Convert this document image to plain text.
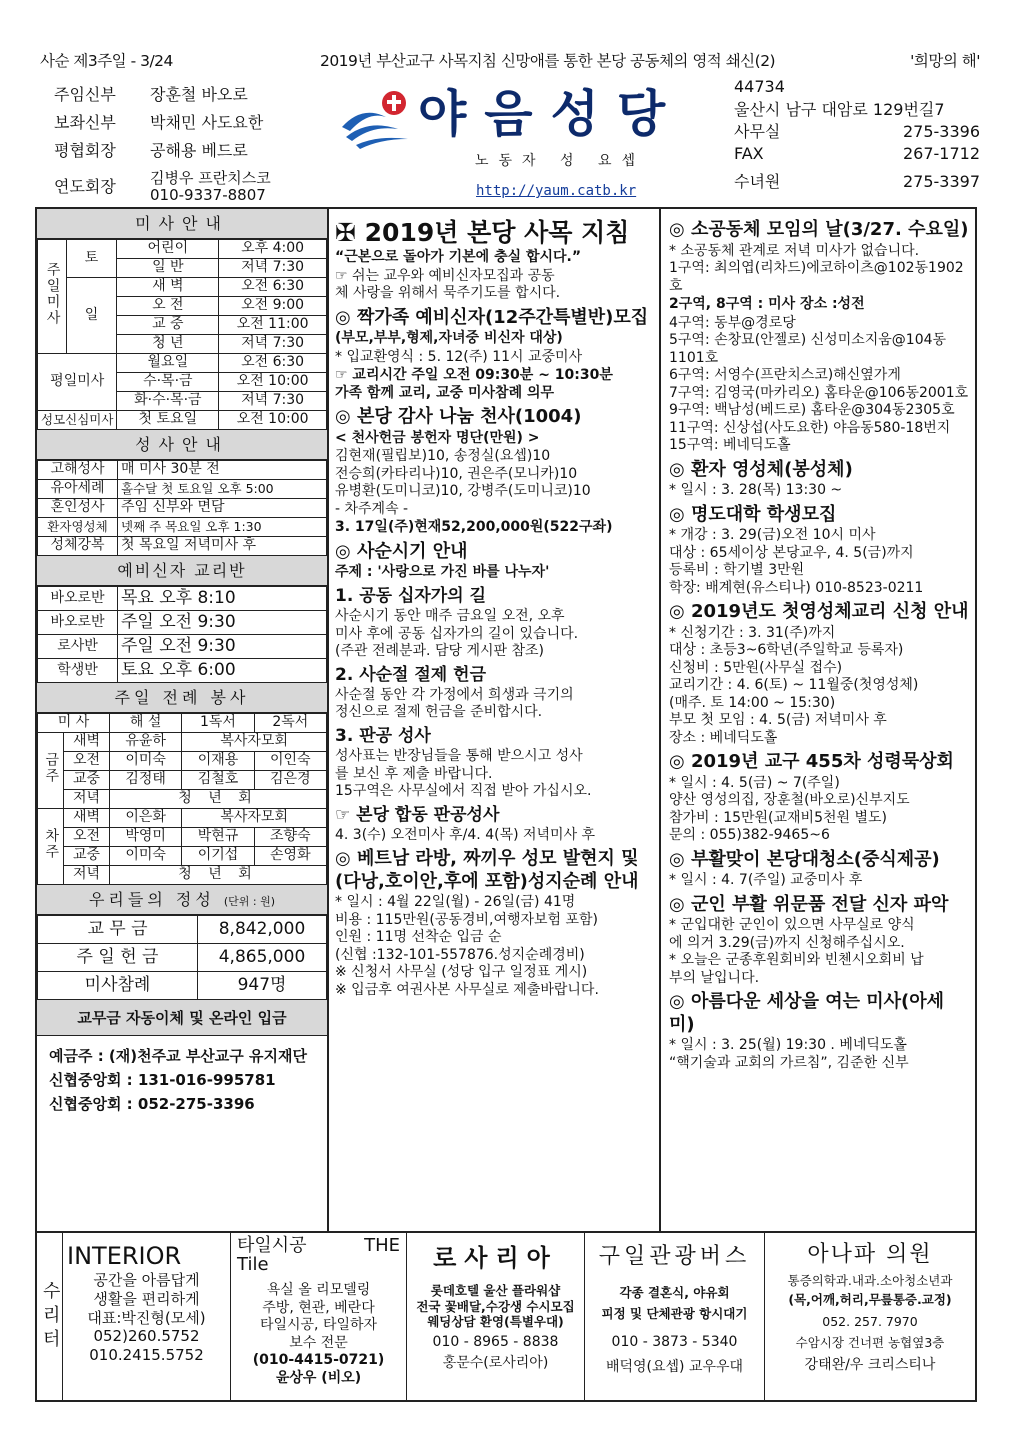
사순 제3주일 - 3/24	2019년 부산교구 사목지침 신망애를 통한 본당 공동체의 영적 쇄신(2)	'희망의 해'
주임신부	장훈철 바오로
보좌신부	박채민 사도요한
평협회장	공해용 베드로
연도회장	김병우 프란치스코
010-9337-8807
야음성당
노동자 성 요셉
http://yaum.catb.kr
44734
울산시 남구 대암로 129번길7
사무실	275-3396
FAX	267-1712
수녀원	275-3397
미사안내
주일미사	토	어린이	오후 4:00
		일 반	저녁 7:30
	일	새 벽	오전 6:30
		오 전	오전 9:00
		교 중	오전 11:00
		청 년	저녁 7:30
평일미사		월요일	오전 6:30
		수·목·금	오전 10:00
		화·수·목·금	저녁 7:30
성모신심미사		첫 토요일	오전 10:00
성사안내
고해성사	매 미사 30분 전
유아세례	홀수달 첫 토요일 오후 5:00
혼인성사	주임 신부와 면담
환자영성체	넷째 주 목요일 오후 1:30
성체강복	첫 목요일 저녁미사 후
예비신자 교리반
바오로반	목요 오후 8:10
바오로반	주일 오전 9:30
로사반	주일 오전 9:30
학생반	토요 오후 6:00
주일 전례 봉사
미 사		해 설	1독서	2독서
금주	새벽	유윤하	복사자모회	
	오전	이미숙	이재용	이인숙
	교중	김정태	김철호	김은경
	저녁	청 년 회		
차주	새벽	이은화	복사자모회	
	오전	박영미	박현규	조향숙
	교중	이미숙	이기섭	손영화
	저녁	청 년 회		
우리들의 정성 (단위 : 원)
교 무 금	8,842,000
주 일 헌 금	4,865,000
미사참례	947명
교무금 자동이체 및 온라인 입금
예금주 : (재)천주교 부산교구 유지재단
신협중앙회 : 131-016-995781
신협중앙회 : 052-275-3396
✠ 2019년 본당 사목 지침
“근본으로 돌아가 기본에 충실 합시다.”
☞ 쉬는 교우와 예비신자모집과 공동
체 사랑을 위해서 묵주기도를 합시다.
◎ 짝가족 예비신자(12주간특별반)모집
(부모,부부,형제,자녀중 비신자 대상)
* 입교환영식 : 5. 12(주) 11시 교중미사
☞ 교리시간 주일 오전 09:30분 ~ 10:30분
가족 함께 교리, 교중 미사참례 의무
◎ 본당 감사 나눔 천사(1004)
< 천사헌금 봉헌자 명단(만원) >
김현재(필립보)10, 송정실(요셉)10
전승희(카타리나)10, 권은주(모니카)10
유병환(도미니코)10, 강병주(도미니코)10
- 차주계속 -
3. 17일(주)현재52,200,000원(522구좌)
◎ 사순시기 안내
주제 : '사랑으로 가진 바를 나누자'
1. 공동 십자가의 길
사순시기 동안 매주 금요일 오전, 오후
미사 후에 공동 십자가의 길이 있습니다.
(주관 전례분과. 담당 게시판 참조)
2. 사순절 절제 헌금
사순절 동안 각 가정에서 희생과 극기의
정신으로 절제 헌금을 준비합시다.
3. 판공 성사
성사표는 반장님들을 통해 받으시고 성사
를 보신 후 제출 바랍니다.
15구역은 사무실에서 직접 받아 가십시오.
☞ 본당 합동 판공성사
4. 3(수) 오전미사 후/4. 4(목) 저녁미사 후
◎ 베트남 라방, 짜끼우 성모 발현지 및
(다낭,호이안,후에 포함)성지순례 안내
* 일시 : 4월 22일(월) - 26일(금) 41명
비용 : 115만원(공동경비,여행자보험 포함)
인원 : 11명 선착순 입금 순
(신협 :132-101-557876.성지순례경비)
※ 신청서 사무실 (성당 입구 일정표 게시)
※ 입금후 여권사본 사무실로 제출바랍니다.
◎ 소공동체 모임의 날(3/27. 수요일)
* 소공동체 관계로 저녁 미사가 없습니다.
1구역: 최의엽(리차드)에코하이츠@102동1902호
2구역, 8구역 : 미사 장소 :성전
4구역: 동부@경로당
5구역: 손창묘(안젤로) 신성미소지움@104동1101호
6구역: 서영수(프란치스코)해신옆가게
7구역: 김영국(마카리오) 홈타운@106동2001호
9구역: 백남성(베드로) 홈타운@304동2305호
11구역: 신상섭(사도요한) 야음동580-18번지
15구역: 베네딕도홀
◎ 환자 영성체(봉성체)
* 일시 : 3. 28(목) 13:30 ~
◎ 명도대학 학생모집
* 개강 : 3. 29(금)오전 10시 미사
대상 : 65세이상 본당교우, 4. 5(금)까지
등록비 : 학기별 3만원
학장: 배계현(유스티나) 010-8523-0211
◎ 2019년도 첫영성체교리 신청 안내
* 신청기간 : 3. 31(주)까지
대상 : 초등3~6학년(주일학교 등록자)
신청비 : 5만원(사무실 접수)
교리기간 : 4. 6(토) ~ 11월중(첫영성체)
(매주. 토 14:00 ~ 15:30)
부모 첫 모임 : 4. 5(금) 저녁미사 후
장소 : 베네딕도홀
◎ 2019년 교구 455차 성령묵상회
* 일시 : 4. 5(금) ~ 7(주일)
양산 영성의집, 장훈철(바오로)신부지도
참가비 : 15만원(교재비5천원 별도)
문의 : 055)382-9465~6
◎ 부활맞이 본당대청소(중식제공)
* 일시 : 4. 7(주일) 교중미사 후
◎ 군인 부활 위문품 전달 신자 파악
* 군입대한 군인이 있으면 사무실로 양식
에 의거 3.29(금)까지 신청해주십시오.
* 오늘은 군종후원회비와 빈첸시오회비 납
부의 날입니다.
◎ 아름다운 세상을 여는 미사(아세미)
* 일시 : 3. 25(월) 19:30 . 베네딕도홀
“핵기술과 교회의 가르침”, 김준한 신부
수리터
INTERIOR
공간을 아름답게
생활을 편리하게
대표:박진형(모세)
052)260.5752
010.2415.5752
타일시공	THE
Tile
욕실 올 리모델링
주방, 현관, 베란다
타일시공, 타일하자
보수 전문
(010-4415-0721)
윤상우 (비오)
로사리아
롯데호텔 울산 플라워샵
전국 꽃배달,수강생 수시모집
웨딩상담 환영(특별우대)
010 - 8965 - 8838
홍문수(로사리아)
구일관광버스
각종 결혼식, 야유회
피정 및 단체관광 항시대기
010 - 3873 - 5340
배덕영(요셉) 교우우대
아나파 의원
통증의학과.내과.소아청소년과
(목,어깨,허리,무릎통증.교정)
052. 257. 7970
수암시장 건너편 농협옆3층
강태완/우 크리스티나
